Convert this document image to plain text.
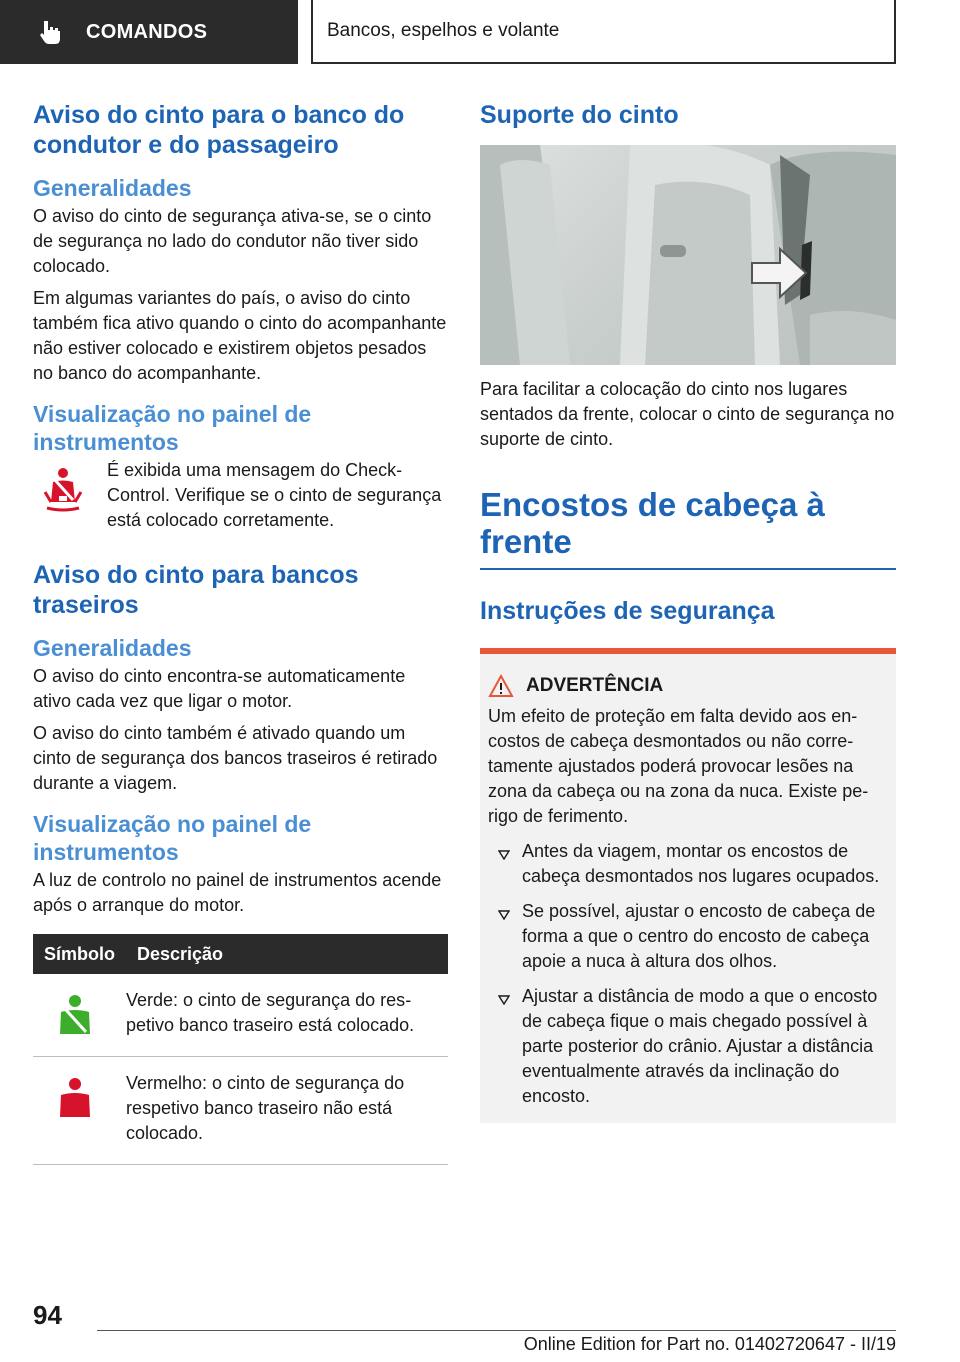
COMANDOS	Bancos, espelhos e volante
Aviso do cinto para o banco do condutor e do passageiro
Generalidades

O aviso do cinto de segurança ativa-se, se o cinto de segurança no lado do condutor não tiver sido colocado.

Em algumas variantes do país, o aviso do cinto também fica ativo quando o cinto do acompanhante não estiver colocado e existirem objetos pesados no banco do acompanhante.

Visualização no painel de instrumentos

É exibida uma mensagem do Check-Control. Verifique se o cinto de segurança está colocado corretamente.

Aviso do cinto para bancos traseiros
Generalidades

O aviso do cinto encontra-se automaticamente ativo cada vez que ligar o motor.

O aviso do cinto também é ativado quando um cinto de segurança dos bancos traseiros é retirado durante a viagem.

Visualização no painel de instrumentos

A luz de controlo no painel de instrumentos acende após o arranque do motor.

Símbolo	Descrição

	Verde: o cinto de segurança do respetivo banco traseiro está colocado.

	Vermelho: o cinto de segurança do respetivo banco traseiro não está colocado.
Suporte do cinto

Para facilitar a colocação do cinto nos lugares sentados da frente, colocar o cinto de segurança no suporte de cinto.

Encostos de cabeça à frente
Instruções de segurança
ADVERTÊNCIA

Um efeito de proteção em falta devido aos encostos de cabeça desmontados ou não corretamente ajustados poderá provocar lesões na zona da cabeça ou na zona da nuca. Existe perigo de ferimento.

Antes da viagem, montar os encostos de cabeça desmontados nos lugares ocupados.

Se possível, ajustar o encosto de cabeça de forma a que o centro do encosto de cabeça apoie a nuca à altura dos olhos.

Ajustar a distância de modo a que o encosto de cabeça fique o mais chegado possível à parte posterior do crânio. Ajustar a distância eventualmente através da inclinação do encosto.

94
Online Edition for Part no. 01402720647 - II/19
